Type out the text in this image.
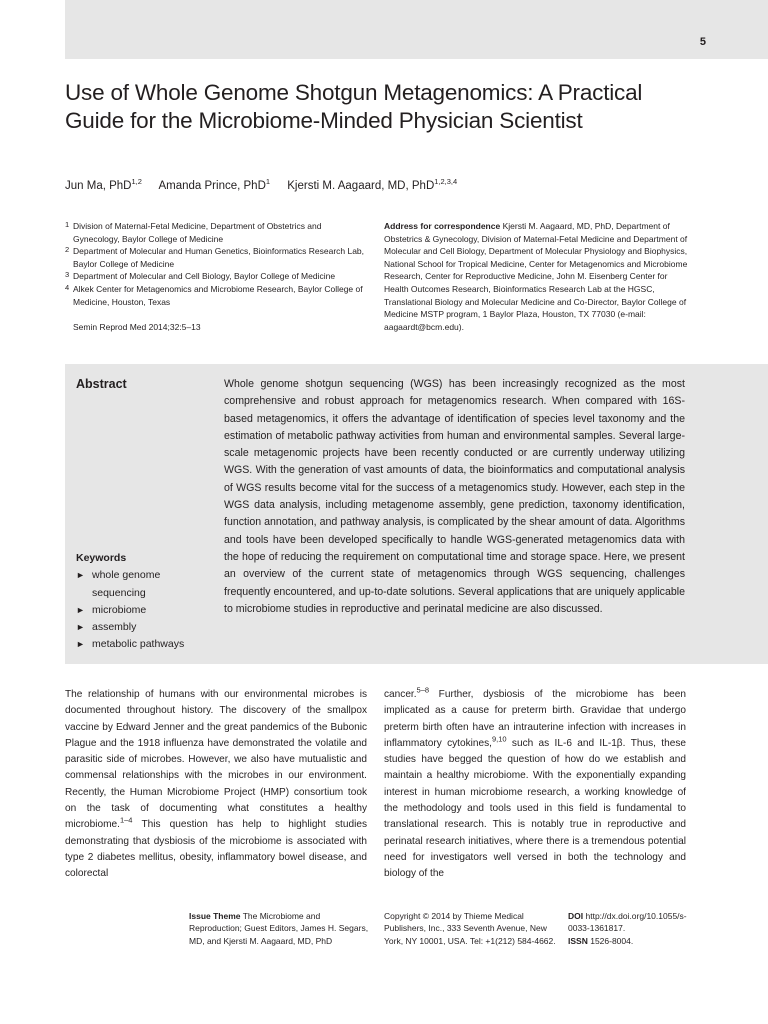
5
Use of Whole Genome Shotgun Metagenomics: A Practical Guide for the Microbiome-Minded Physician Scientist
Jun Ma, PhD$^{1,2}$ Amanda Prince, PhD$^1$ Kjersti M. Aagaard, MD, PhD$^{1,2,3,4}$
1 Division of Maternal-Fetal Medicine, Department of Obstetrics and Gynecology, Baylor College of Medicine
2 Department of Molecular and Human Genetics, Bioinformatics Research Lab, Baylor College of Medicine
3 Department of Molecular and Cell Biology, Baylor College of Medicine
4 Alkek Center for Metagenomics and Microbiome Research, Baylor College of Medicine, Houston, Texas
Semin Reprod Med 2014;32:5–13
Address for correspondence Kjersti M. Aagaard, MD, PhD, Department of Obstetrics & Gynecology, Division of Maternal-Fetal Medicine and Department of Molecular and Cell Biology, Department of Molecular Physiology and Biophysics, National School for Tropical Medicine, Center for Metagenomics and Microbiome Research, Center for Reproductive Medicine, John M. Eisenberg Center for Health Outcomes Research, Bioinformatics Research Lab at the HGSC, Translational Biology and Molecular Medicine and Co-Director, Baylor College of Medicine MSTP program, 1 Baylor Plaza, Houston, TX 77030 (e-mail: aagaardt@bcm.edu).
Abstract	Whole genome shotgun sequencing (WGS) has been increasingly recognized as the most comprehensive and robust approach for metagenomics research. When compared with 16S-based metagenomics, it offers the advantage of identification of species level taxonomy and the estimation of metabolic pathway activities from human and environmental samples. Several large-scale metagenomic projects have been recently conducted or are currently underway utilizing WGS. With the generation of vast amounts of data, the bioinformatics and computational analysis of WGS results become vital for the success of a metagenomics study. However, each step in the WGS data analysis, including metagenome assembly, gene prediction, taxonomy identification, function annotation, and pathway analysis, is complicated by the shear amount of data. Algorithms and tools have been developed specifically to handle WGS-generated metagenomics data with the hope of reducing the requirement on computational time and storage space. Here, we present an overview of the current state of metagenomics through WGS sequencing, challenges frequently encountered, and up-to-date solutions. Several applications that are uniquely applicable to microbiome studies in reproductive and perinatal medicine are also discussed.

Keywords
► whole genome sequencing
► microbiome
► assembly
► metabolic pathways

The relationship of humans with our environmental microbes is documented throughout history. The discovery of the smallpox vaccine by Edward Jenner and the great pandemics of the Bubonic Plague and the 1918 influenza have demonstrated the volatile and parasitic side of microbes. However, we also have mutualistic and commensal relationships with the microbes in our environment. Recently, the Human Microbiome Project (HMP) consortium took on the task of documenting what constitutes a healthy microbiome.$^{1-4}$ This question has help to highlight studies demonstrating that dysbiosis of the microbiome is associated with type 2 diabetes mellitus, obesity, inflammatory bowel disease, and colorectal

cancer.$^{5-8}$ Further, dysbiosis of the microbiome has been implicated as a cause for preterm birth. Gravidae that undergo preterm birth often have an intrauterine infection with increases in inflammatory cytokines,$^{9,10}$ such as IL-6 and IL-1β. Thus, these studies have begged the question of how do we establish and maintain a healthy microbiome. With the exponentially expanding interest in human microbiome research, a working knowledge of the methodology and tools used in this field is fundamental to translational research. This is notably true in reproductive and perinatal research initiatives, where there is a tremendous potential need for investigators well versed in both the technology and biology of the

Issue Theme The Microbiome and Reproduction; Guest Editors, James H. Segars, MD, and Kjersti M. Aagaard, MD, PhD
Copyright © 2014 by Thieme Medical Publishers, Inc., 333 Seventh Avenue, New York, NY 10001, USA. Tel: +1(212) 584-4662.
DOI http://dx.doi.org/10.1055/s-0033-1361817.
ISSN 1526-8004.
